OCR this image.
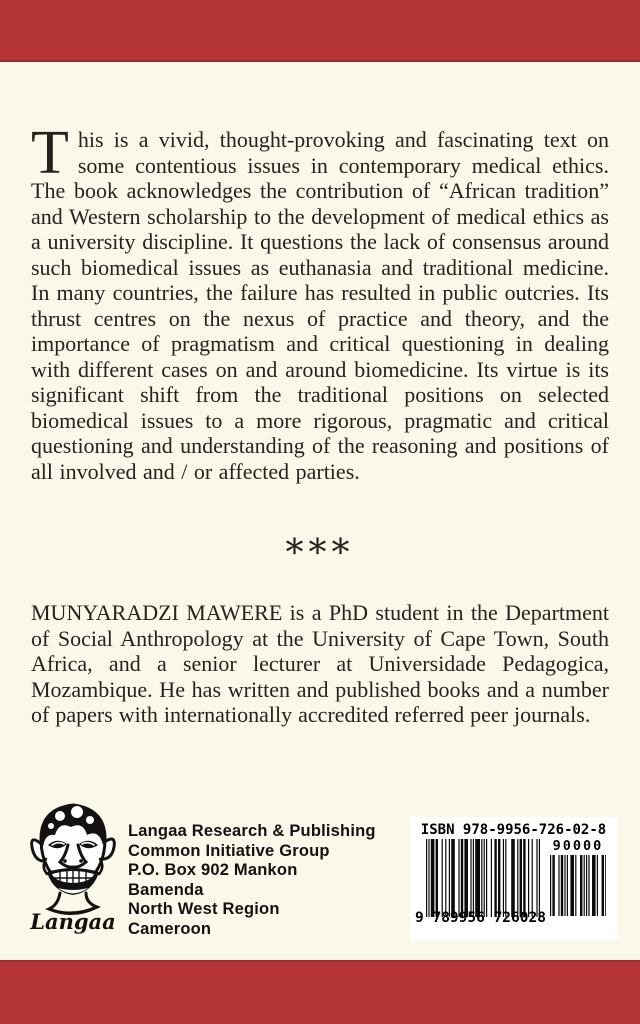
This is a vivid, thought-provoking and fascinating text on some contentious issues in contemporary medical ethics. The book acknowledges the contribution of “African tradition” and Western scholarship to the development of medical ethics as a university discipline. It questions the lack of consensus around such biomedical issues as euthanasia and traditional medicine. In many countries, the failure has resulted in public outcries. Its thrust centres on the nexus of practice and theory, and the importance of pragmatism and critical questioning in dealing with different cases on and around biomedicine. Its virtue is its significant shift from the traditional positions on selected biomedical issues to a more rigorous, pragmatic and critical questioning and understanding of the reasoning and positions of all involved and / or affected parties.

***

MUNYARADZI MAWERE is a PhD student in the Department of Social Anthropology at the University of Cape Town, South Africa, and a senior lecturer at Universidade Pedagogica, Mozambique. He has written and published books and a number of papers with internationally accredited referred peer journals.

Langaa
Langaa Research & Publishing
Common Initiative Group
P.O. Box 902 Mankon
Bamenda
North West Region
Cameroon
ISBN 978-9956-726-02-8
9 789956 726028
90000
